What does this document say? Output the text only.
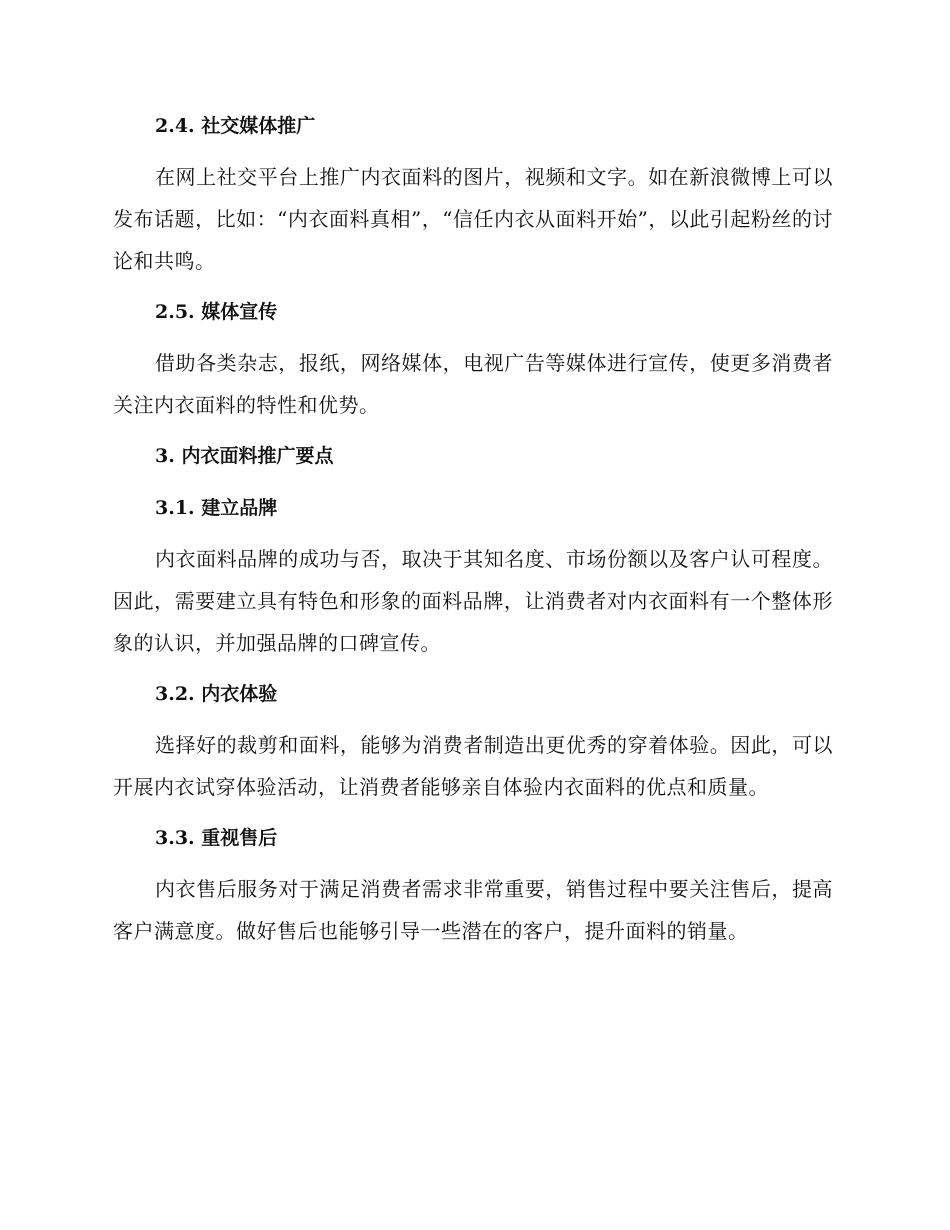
2.4. 社交媒体推广

在网上社交平台上推广内衣面料的图片，视频和文字。如在新浪微博上可以发布话题，比如：“内衣面料真相”，“信任内衣从面料开始”，以此引起粉丝的讨论和共鸣。

2.5. 媒体宣传

借助各类杂志，报纸，网络媒体，电视广告等媒体进行宣传，使更多消费者关注内衣面料的特性和优势。

3. 内衣面料推广要点
3.1. 建立品牌

内衣面料品牌的成功与否，取决于其知名度、市场份额以及客户认可程度。因此，需要建立具有特色和形象的面料品牌，让消费者对内衣面料有一个整体形象的认识，并加强品牌的口碑宣传。

3.2. 内衣体验

选择好的裁剪和面料，能够为消费者制造出更优秀的穿着体验。因此，可以开展内衣试穿体验活动，让消费者能够亲自体验内衣面料的优点和质量。

3.3. 重视售后

内衣售后服务对于满足消费者需求非常重要，销售过程中要关注售后，提高客户满意度。做好售后也能够引导一些潜在的客户，提升面料的销量。
